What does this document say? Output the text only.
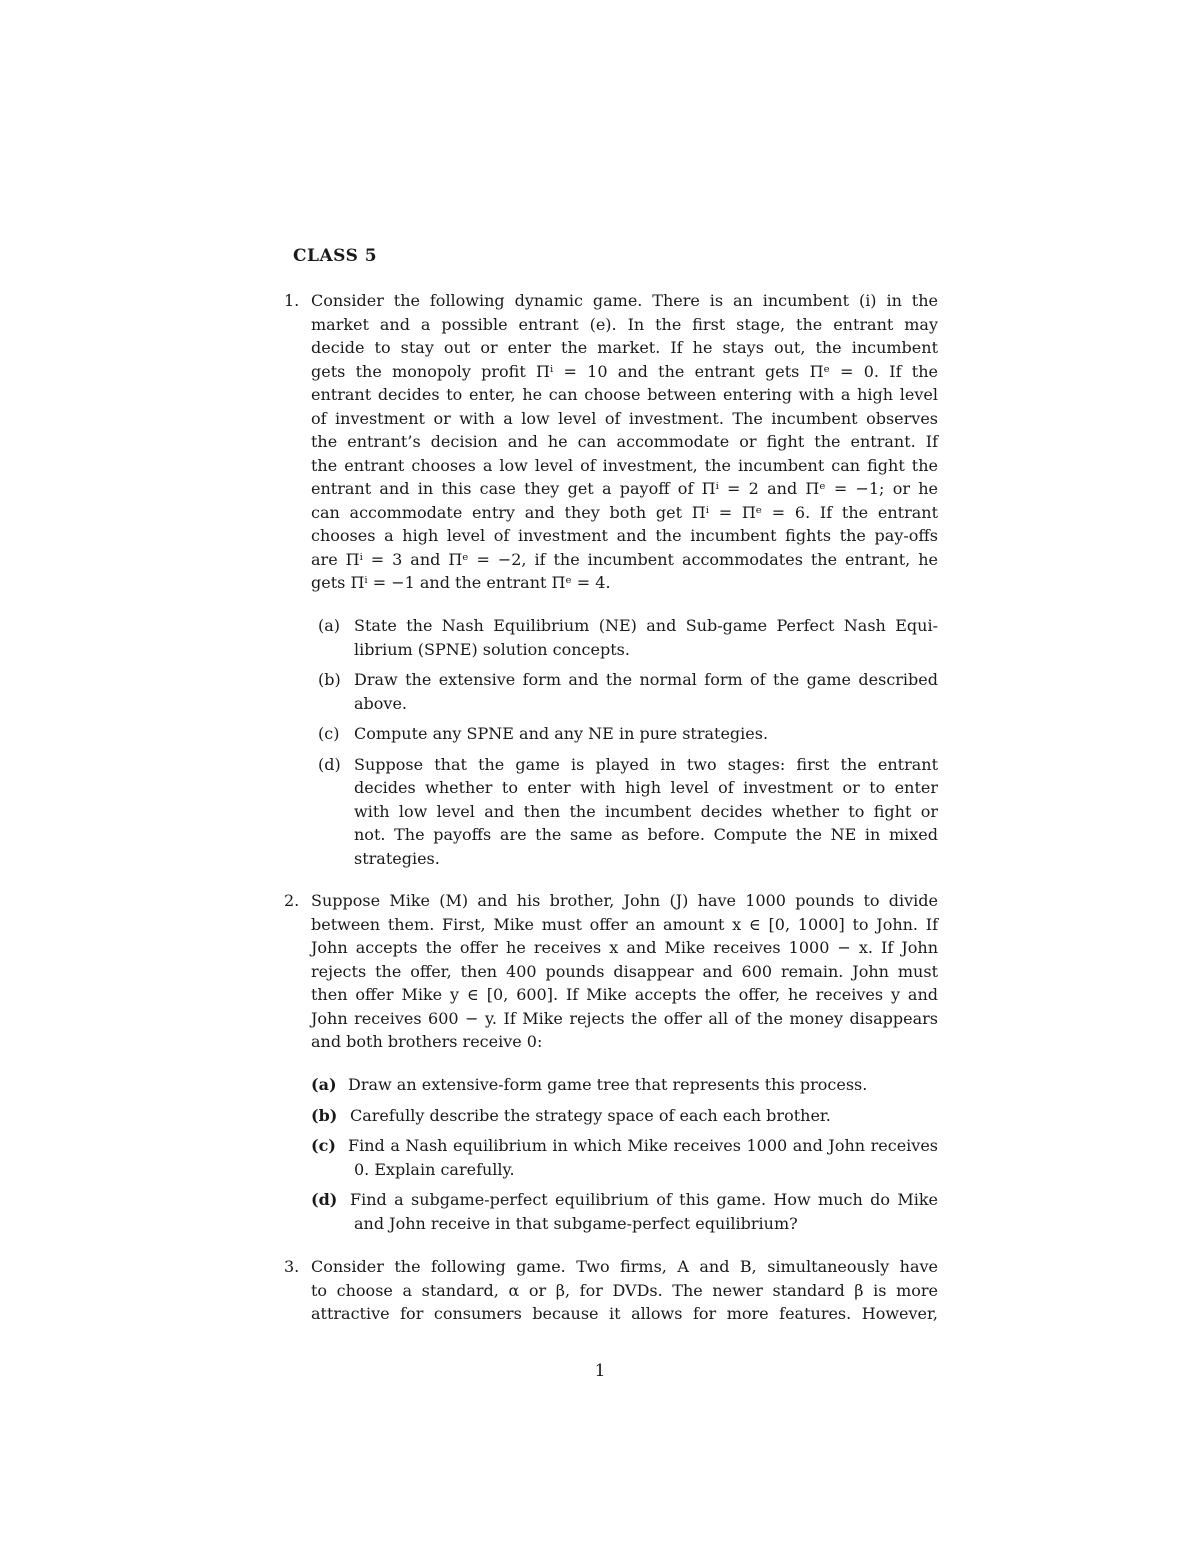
CLASS 5
1. Consider the following dynamic game. There is an incumbent (i) in the
market and a possible entrant (e). In the first stage, the entrant may
decide to stay out or enter the market. If he stays out, the incumbent
gets the monopoly profit Πⁱ = 10 and the entrant gets Πᵉ = 0. If the
entrant decides to enter, he can choose between entering with a high level
of investment or with a low level of investment. The incumbent observes
the entrant’s decision and he can accommodate or fight the entrant. If
the entrant chooses a low level of investment, the incumbent can fight the
entrant and in this case they get a payoff of Πⁱ = 2 and Πᵉ = −1; or he
can accommodate entry and they both get Πⁱ = Πᵉ = 6. If the entrant
chooses a high level of investment and the incumbent fights the pay-offs
are Πⁱ = 3 and Πᵉ = −2, if the incumbent accommodates the entrant, he
gets Πⁱ = −1 and the entrant Πᵉ = 4.
(a) State the Nash Equilibrium (NE) and Sub-game Perfect Nash Equi-
librium (SPNE) solution concepts.
(b) Draw the extensive form and the normal form of the game described
above.
(c) Compute any SPNE and any NE in pure strategies.
(d) Suppose that the game is played in two stages: first the entrant
decides whether to enter with high level of investment or to enter
with low level and then the incumbent decides whether to fight or
not. The payoffs are the same as before. Compute the NE in mixed
strategies.
2. Suppose Mike (M) and his brother, John (J) have 1000 pounds to divide
between them. First, Mike must offer an amount x ∈ [0, 1000] to John. If
John accepts the offer he receives x and Mike receives 1000 − x. If John
rejects the offer, then 400 pounds disappear and 600 remain. John must
then offer Mike y ∈ [0, 600]. If Mike accepts the offer, he receives y and
John receives 600 − y. If Mike rejects the offer all of the money disappears
and both brothers receive 0:
(a) Draw an extensive-form game tree that represents this process.
(b) Carefully describe the strategy space of each each brother.
(c) Find a Nash equilibrium in which Mike receives 1000 and John receives
0. Explain carefully.
(d) Find a subgame-perfect equilibrium of this game. How much do Mike
and John receive in that subgame-perfect equilibrium?
3. Consider the following game. Two firms, A and B, simultaneously have
to choose a standard, α or β, for DVDs. The newer standard β is more
attractive for consumers because it allows for more features. However,
1
